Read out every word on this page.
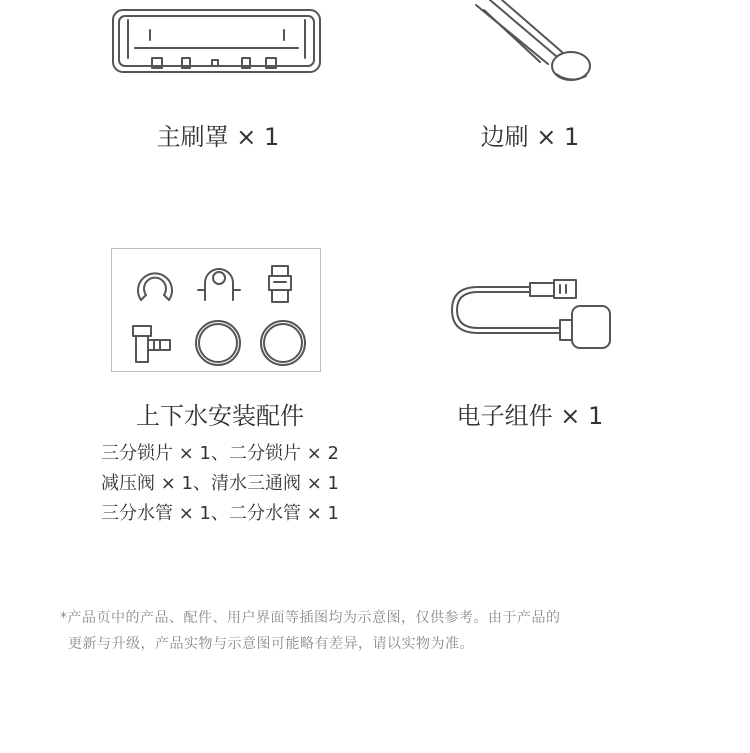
主刷罩 × 1	边刷 × 1
上下水安装配件	电子组件 × 1
三分锁片 × 1、二分锁片 × 2
减压阀 × 1、清水三通阀 × 1
三分水管 × 1、二分水管 × 1
*产品页中的产品、配件、用户界面等插图均为示意图，仅供参考。由于产品的
更新与升级，产品实物与示意图可能略有差异，请以实物为准。
